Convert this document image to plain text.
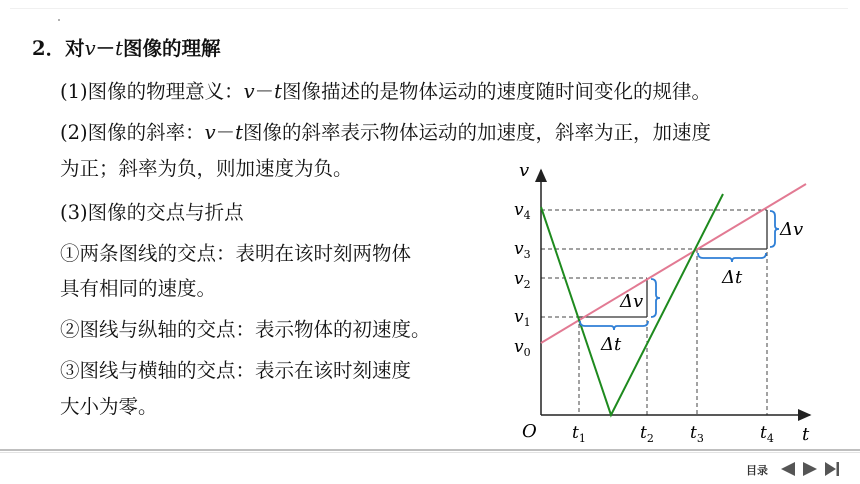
2．对v－t图像的理解
(1)图像的物理意义：v－t图像描述的是物体运动的速度随时间变化的规律。
(2)图像的斜率：v－t图像的斜率表示物体运动的加速度，斜率为正，加速度
为正；斜率为负，则加速度为负。
(3)图像的交点与折点
①两条图线的交点：表明在该时刻两物体
具有相同的速度。
②图线与纵轴的交点：表示物体的初速度。
③图线与横轴的交点：表示在该时刻速度
大小为零。
v
t
O
$v_4$
$v_3$
$v_2$
$v_1$
$v_0$
$t_1$	$t_2$ $t_3$	$t_4$
Δv
Δt
Δv
Δt
目录
